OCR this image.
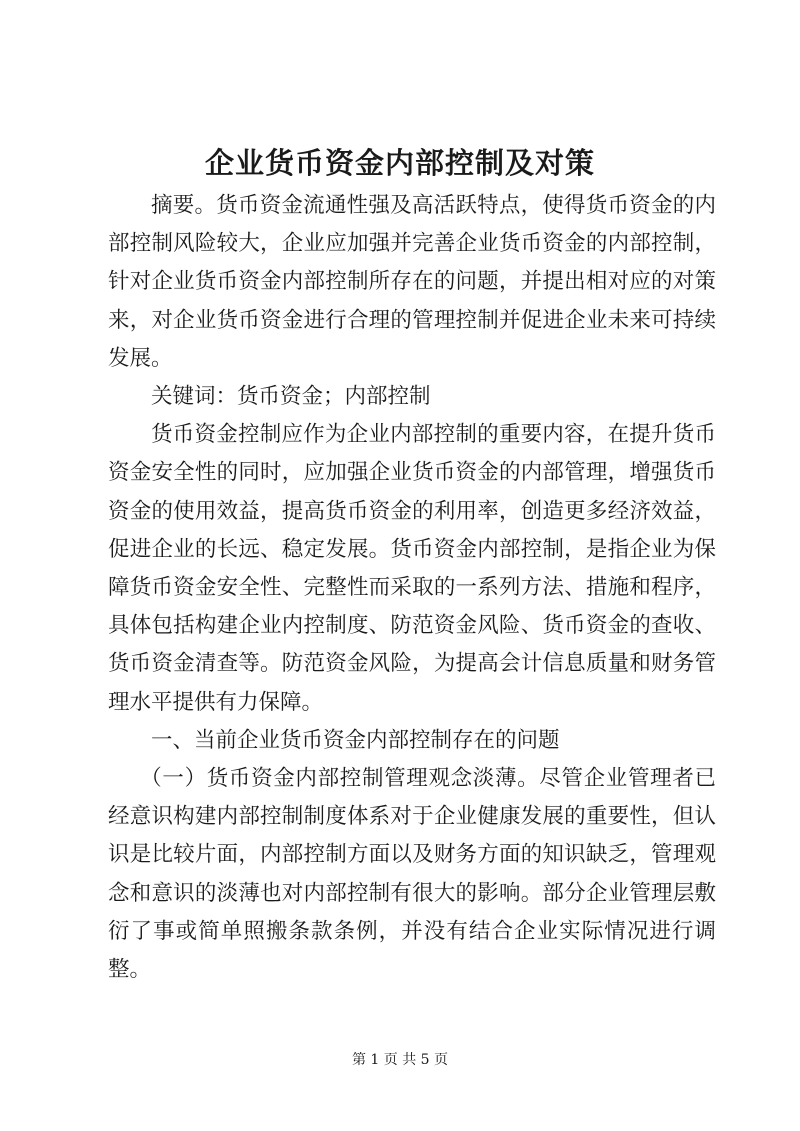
企业货币资金内部控制及对策

摘要。货币资金流通性强及高活跃特点，使得货币资金的内部控制风险较大，企业应加强并完善企业货币资金的内部控制，针对企业货币资金内部控制所存在的问题，并提出相对应的对策来，对企业货币资金进行合理的管理控制并促进企业未来可持续发展。

关键词：货币资金；内部控制

货币资金控制应作为企业内部控制的重要内容，在提升货币资金安全性的同时，应加强企业货币资金的内部管理，增强货币资金的使用效益，提高货币资金的利用率，创造更多经济效益，促进企业的长远、稳定发展。货币资金内部控制，是指企业为保障货币资金安全性、完整性而采取的一系列方法、措施和程序，具体包括构建企业内控制度、防范资金风险、货币资金的查收、货币资金清查等。防范资金风险，为提高会计信息质量和财务管理水平提供有力保障。

一、当前企业货币资金内部控制存在的问题

（一）货币资金内部控制管理观念淡薄。尽管企业管理者已经意识构建内部控制制度体系对于企业健康发展的重要性，但认识是比较片面，内部控制方面以及财务方面的知识缺乏，管理观念和意识的淡薄也对内部控制有很大的影响。部分企业管理层敷衍了事或简单照搬条款条例，并没有结合企业实际情况进行调整。

第 1 页 共 5 页
